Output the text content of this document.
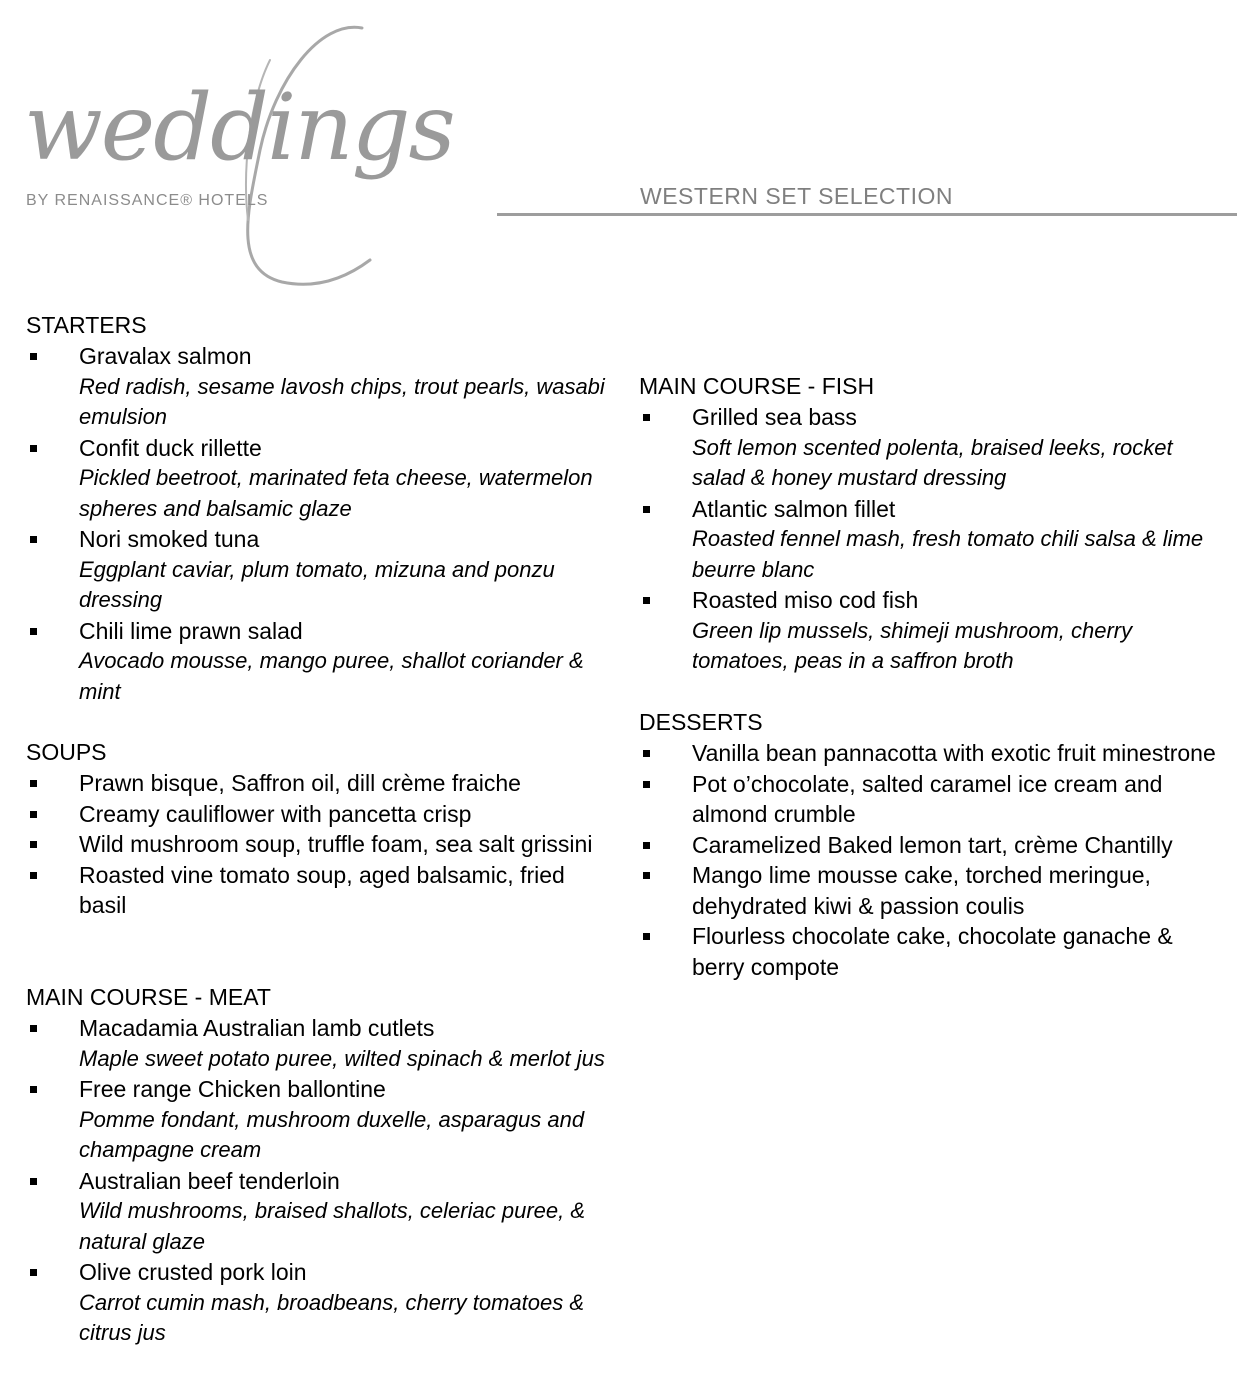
weddings
BY RENAISSANCE® HOTELS	WESTERN SET SELECTION
STARTERS
Gravalax salmon
Red radish, sesame lavosh chips, trout pearls, wasabi emulsion
Confit duck rillette
Pickled beetroot, marinated feta cheese, watermelon spheres and balsamic glaze
Nori smoked tuna
Eggplant caviar, plum tomato, mizuna and ponzu dressing
Chili lime prawn salad
Avocado mousse, mango puree, shallot coriander & mint
SOUPS
Prawn bisque, Saffron oil, dill crème fraiche
Creamy cauliflower with pancetta crisp
Wild mushroom soup, truffle foam, sea salt grissini
Roasted vine tomato soup, aged balsamic, fried basil
MAIN COURSE - MEAT
Macadamia Australian lamb cutlets
Maple sweet potato puree, wilted spinach & merlot jus
Free range Chicken ballontine
Pomme fondant, mushroom duxelle, asparagus and champagne cream
Australian beef tenderloin
Wild mushrooms, braised shallots, celeriac puree, & natural glaze
Olive crusted pork loin
Carrot cumin mash, broadbeans, cherry tomatoes & citrus jus
MAIN COURSE - FISH
Grilled sea bass
Soft lemon scented polenta, braised leeks, rocket salad & honey mustard dressing
Atlantic salmon fillet
Roasted fennel mash, fresh tomato chili salsa & lime beurre blanc
Roasted miso cod fish
Green lip mussels, shimeji mushroom, cherry tomatoes, peas in a saffron broth
DESSERTS
Vanilla bean pannacotta with exotic fruit minestrone
Pot o’chocolate, salted caramel ice cream and almond crumble
Caramelized Baked lemon tart, crème Chantilly
Mango lime mousse cake, torched meringue, dehydrated kiwi & passion coulis
Flourless chocolate cake, chocolate ganache & berry compote
